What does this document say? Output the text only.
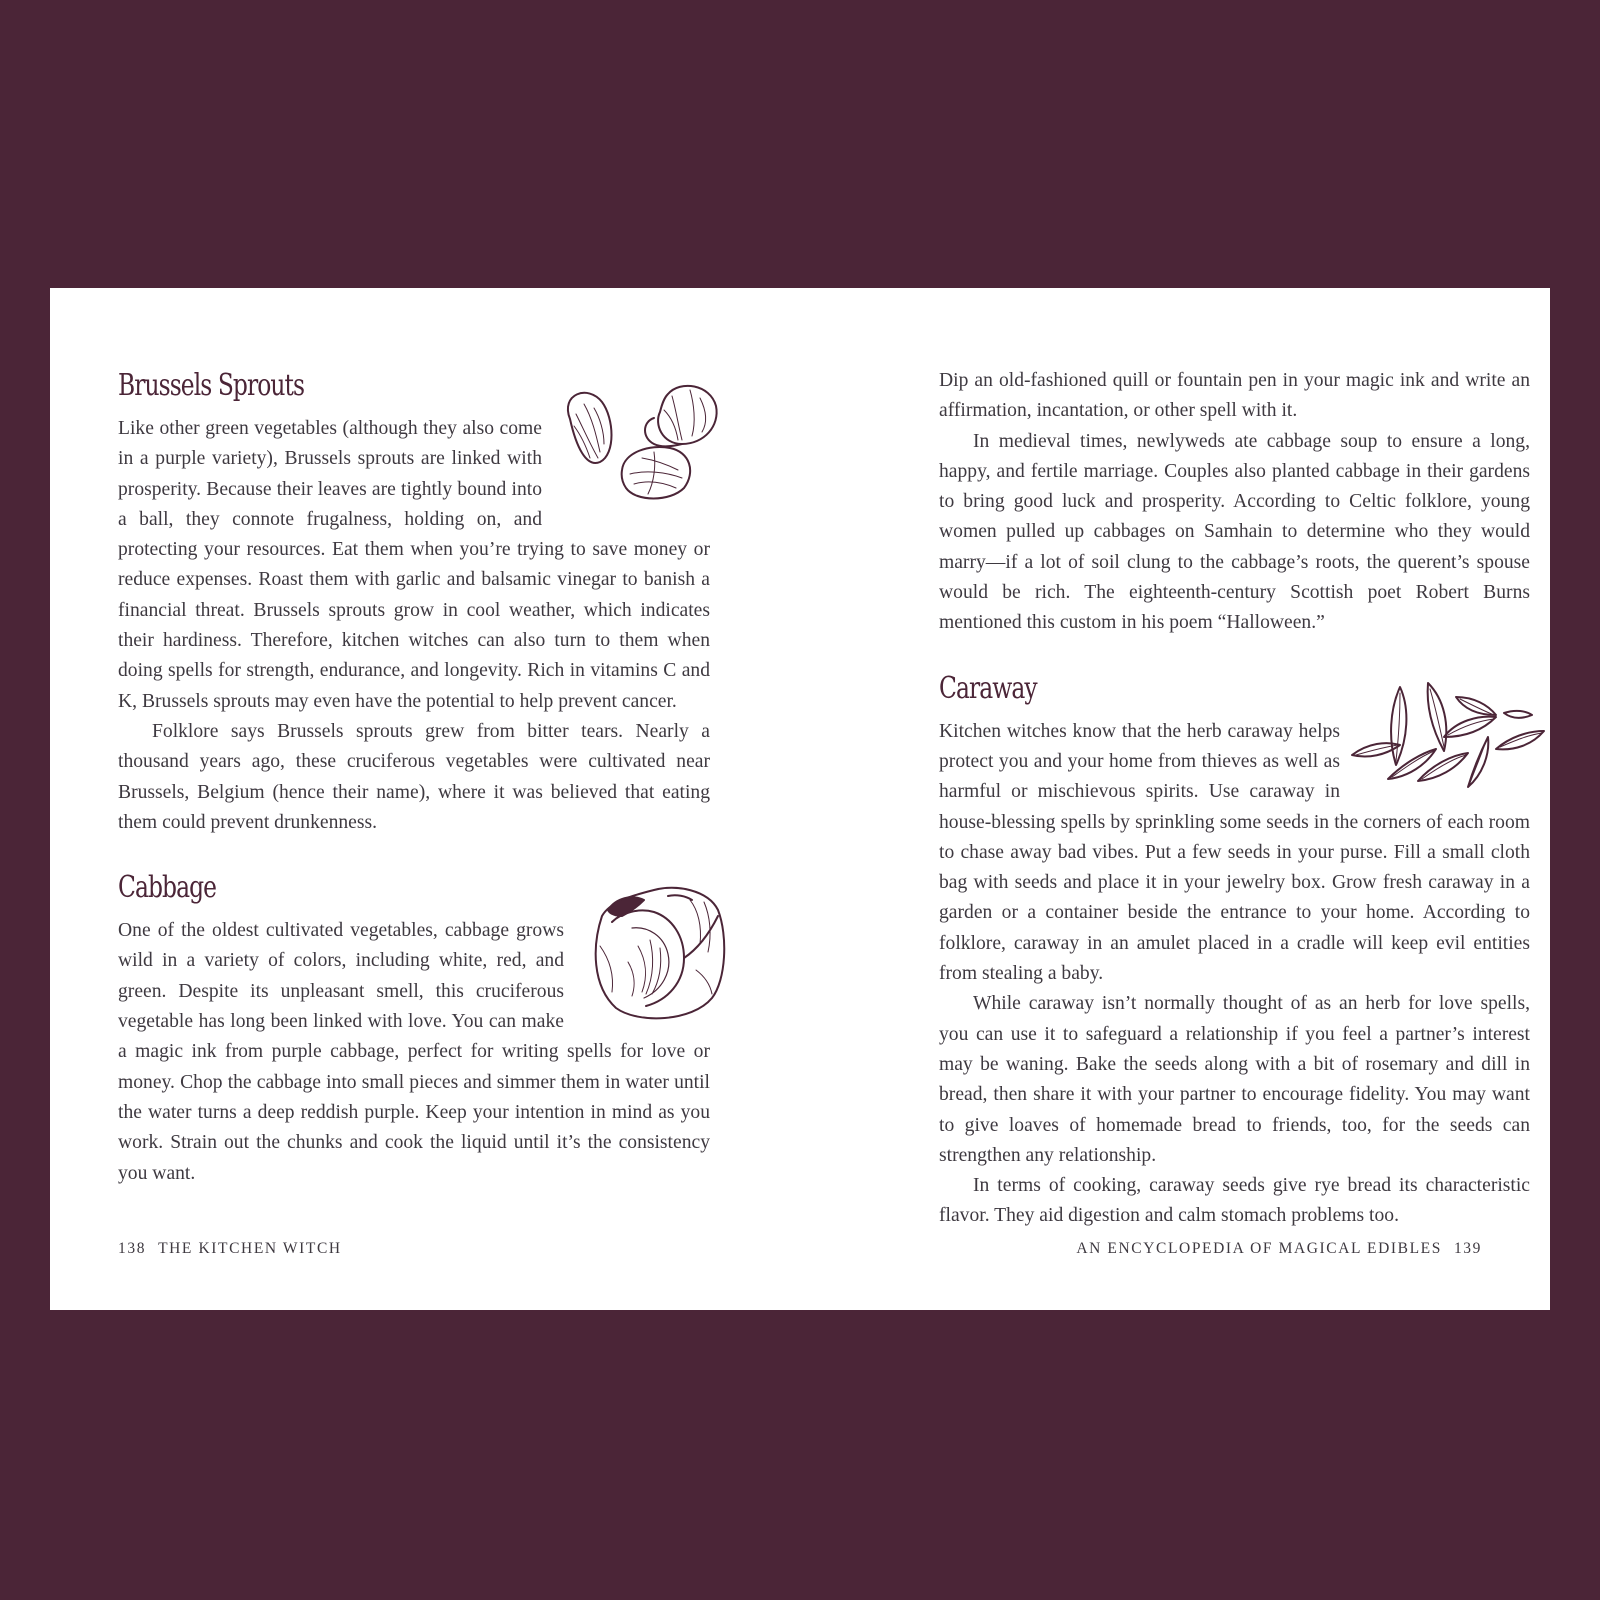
Brussels Sprouts

Like other green vegetables (although they also come in a purple variety), Brussels sprouts are linked with prosperity. Because their leaves are tightly bound into a ball, they connote frugalness, holding on, and protecting your resources. Eat them when you’re trying to save money or reduce expenses. Roast them with garlic and balsamic vinegar to banish a financial threat. Brussels sprouts grow in cool weather, which indicates their hardiness. Therefore, kitchen witches can also turn to them when doing spells for strength, endurance, and longevity. Rich in vitamins C and K, Brussels sprouts may even have the potential to help prevent cancer.

Folklore says Brussels sprouts grew from bitter tears. Nearly a thousand years ago, these cruciferous vegetables were cultivated near Brussels, Belgium (hence their name), where it was believed that eating them could prevent drunkenness.

Cabbage

One of the oldest cultivated vegetables, cabbage grows wild in a variety of colors, including white, red, and green. Despite its unpleasant smell, this cruciferous vegetable has long been linked with love. You can make a magic ink from purple cabbage, perfect for writing spells for love or money. Chop the cabbage into small pieces and simmer them in water until the water turns a deep reddish purple. Keep your intention in mind as you work. Strain out the chunks and cook the liquid until it’s the consistency you want.

138 THE KITCHEN WITCH

Dip an old-fashioned quill or fountain pen in your magic ink and write an affirmation, incantation, or other spell with it.

In medieval times, newlyweds ate cabbage soup to ensure a long, happy, and fertile marriage. Couples also planted cabbage in their gardens to bring good luck and prosperity. According to Celtic folklore, young women pulled up cabbages on Samhain to determine who they would marry—if a lot of soil clung to the cabbage’s roots, the querent’s spouse would be rich. The eighteenth-century Scottish poet Robert Burns mentioned this custom in his poem “Halloween.”

Caraway

Kitchen witches know that the herb caraway helps protect you and your home from thieves as well as harmful or mischievous spirits. Use caraway in house-blessing spells by sprinkling some seeds in the corners of each room to chase away bad vibes. Put a few seeds in your purse. Fill a small cloth bag with seeds and place it in your jewelry box. Grow fresh caraway in a garden or a container beside the entrance to your home. According to folklore, caraway in an amulet placed in a cradle will keep evil entities from stealing a baby.

While caraway isn’t normally thought of as an herb for love spells, you can use it to safeguard a relationship if you feel a partner’s interest may be waning. Bake the seeds along with a bit of rosemary and dill in bread, then share it with your partner to encourage fidelity. You may want to give loaves of homemade bread to friends, too, for the seeds can strengthen any relationship.

In terms of cooking, caraway seeds give rye bread its characteristic flavor. They aid digestion and calm stomach problems too.

AN ENCYCLOPEDIA OF MAGICAL EDIBLES 139
